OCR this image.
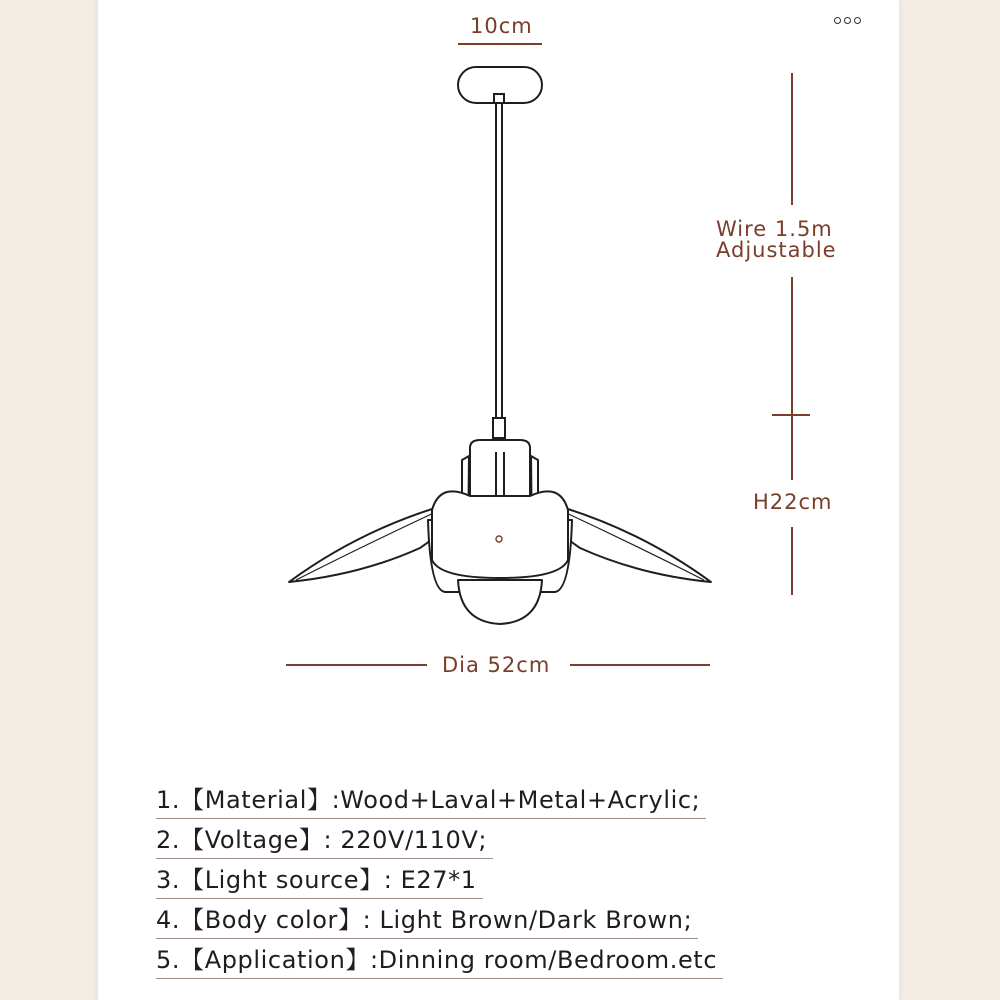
10cm
Wire 1.5m
Adjustable
H22cm
Dia 52cm
1.【Material】:Wood+Laval+Metal+Acrylic;
2.【Voltage】: 220V/110V;
3.【Light source】: E27*1
4.【Body color】: Light Brown/Dark Brown;
5.【Application】:Dinning room/Bedroom.etc
